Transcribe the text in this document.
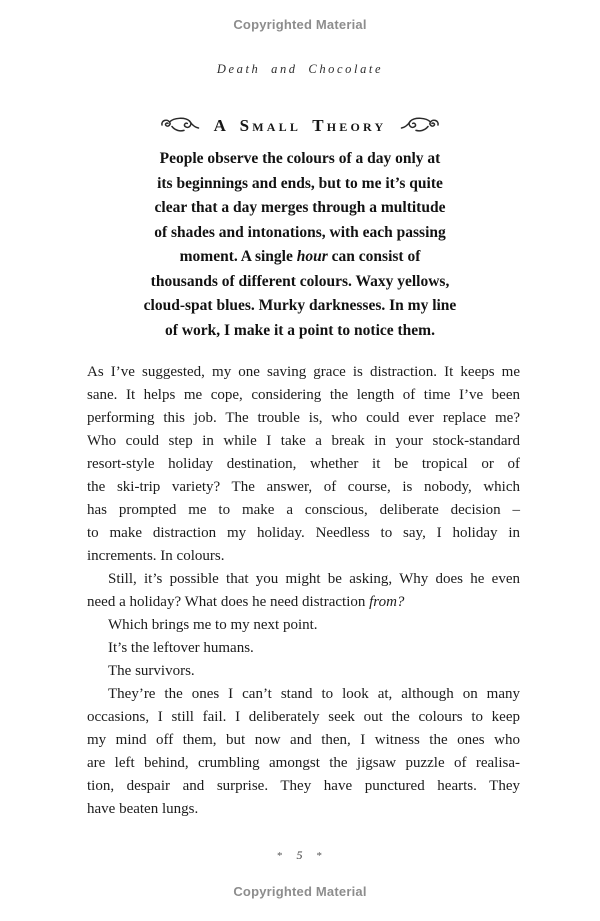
Copyrighted Material
Death and Chocolate
A Small Theory
People observe the colours of a day only at
its beginnings and ends, but to me it’s quite
clear that a day merges through a multitude
of shades and intonations, with each passing
moment. A single hour can consist of
thousands of different colours. Waxy yellows,
cloud-spat blues. Murky darknesses. In my line
of work, I make it a point to notice them.
As I’ve suggested, my one saving grace is distraction. It keeps me
sane. It helps me cope, considering the length of time I’ve been
performing this job. The trouble is, who could ever replace me?
Who could step in while I take a break in your stock-standard
resort-style holiday destination, whether it be tropical or of
the ski-trip variety? The answer, of course, is nobody, which
has prompted me to make a conscious, deliberate decision –
to make distraction my holiday. Needless to say, I holiday in
increments. In colours.
Still, it’s possible that you might be asking, Why does he even
need a holiday? What does he need distraction from?
Which brings me to my next point.
It’s the leftover humans.
The survivors.
They’re the ones I can’t stand to look at, although on many
occasions, I still fail. I deliberately seek out the colours to keep
my mind off them, but now and then, I witness the ones who
are left behind, crumbling amongst the jigsaw puzzle of realisa-
tion, despair and surprise. They have punctured hearts. They
have beaten lungs.
* 5 *
Copyrighted Material
